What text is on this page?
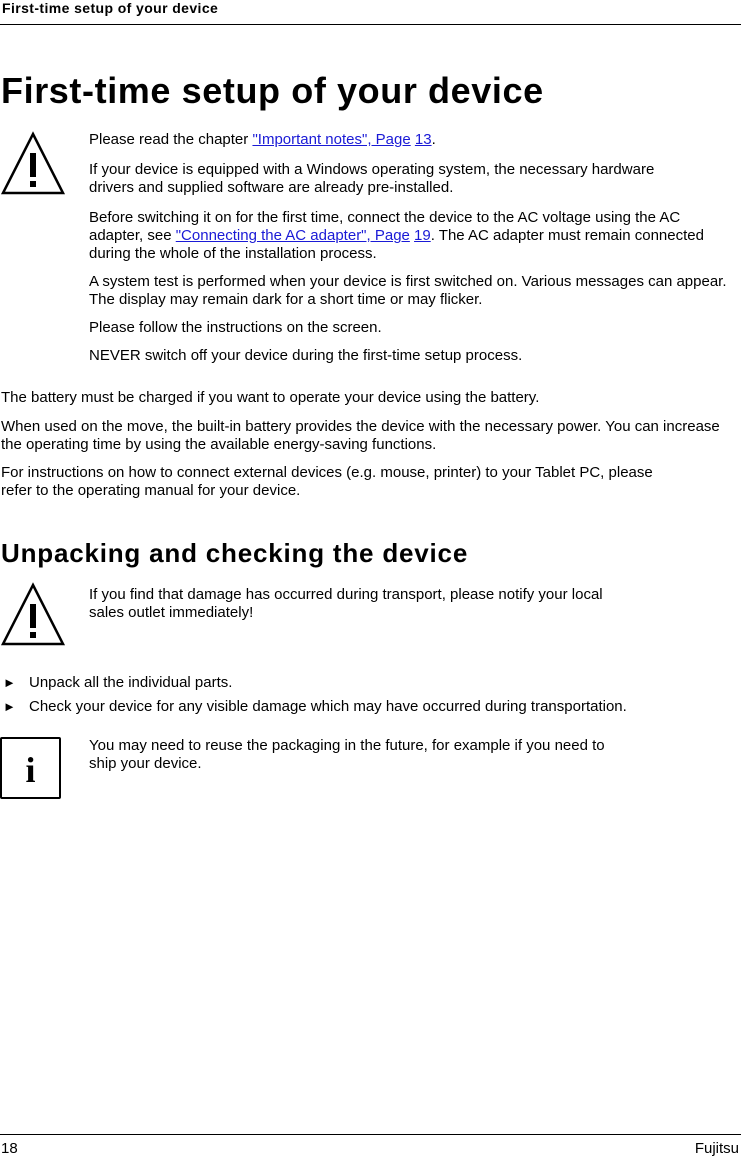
First-time setup of your device
First-time setup of your device
Please read the chapter "Important notes", Page 13.
If your device is equipped with a Windows operating system, the necessary hardware drivers and supplied software are already pre-installed.
Before switching it on for the first time, connect the device to the AC voltage using the AC adapter, see "Connecting the AC adapter", Page 19. The AC adapter must remain connected during the whole of the installation process.
A system test is performed when your device is first switched on. Various messages can appear. The display may remain dark for a short time or may flicker.
Please follow the instructions on the screen.
NEVER switch off your device during the first-time setup process.
The battery must be charged if you want to operate your device using the battery.
When used on the move, the built-in battery provides the device with the necessary power. You can increase the operating time by using the available energy-saving functions.
For instructions on how to connect external devices (e.g. mouse, printer) to your Tablet PC, please refer to the operating manual for your device.
Unpacking and checking the device
If you find that damage has occurred during transport, please notify your local sales outlet immediately!
► Unpack all the individual parts.
► Check your device for any visible damage which may have occurred during transportation.
i
You may need to reuse the packaging in the future, for example if you need to ship your device.
18	Fujitsu
